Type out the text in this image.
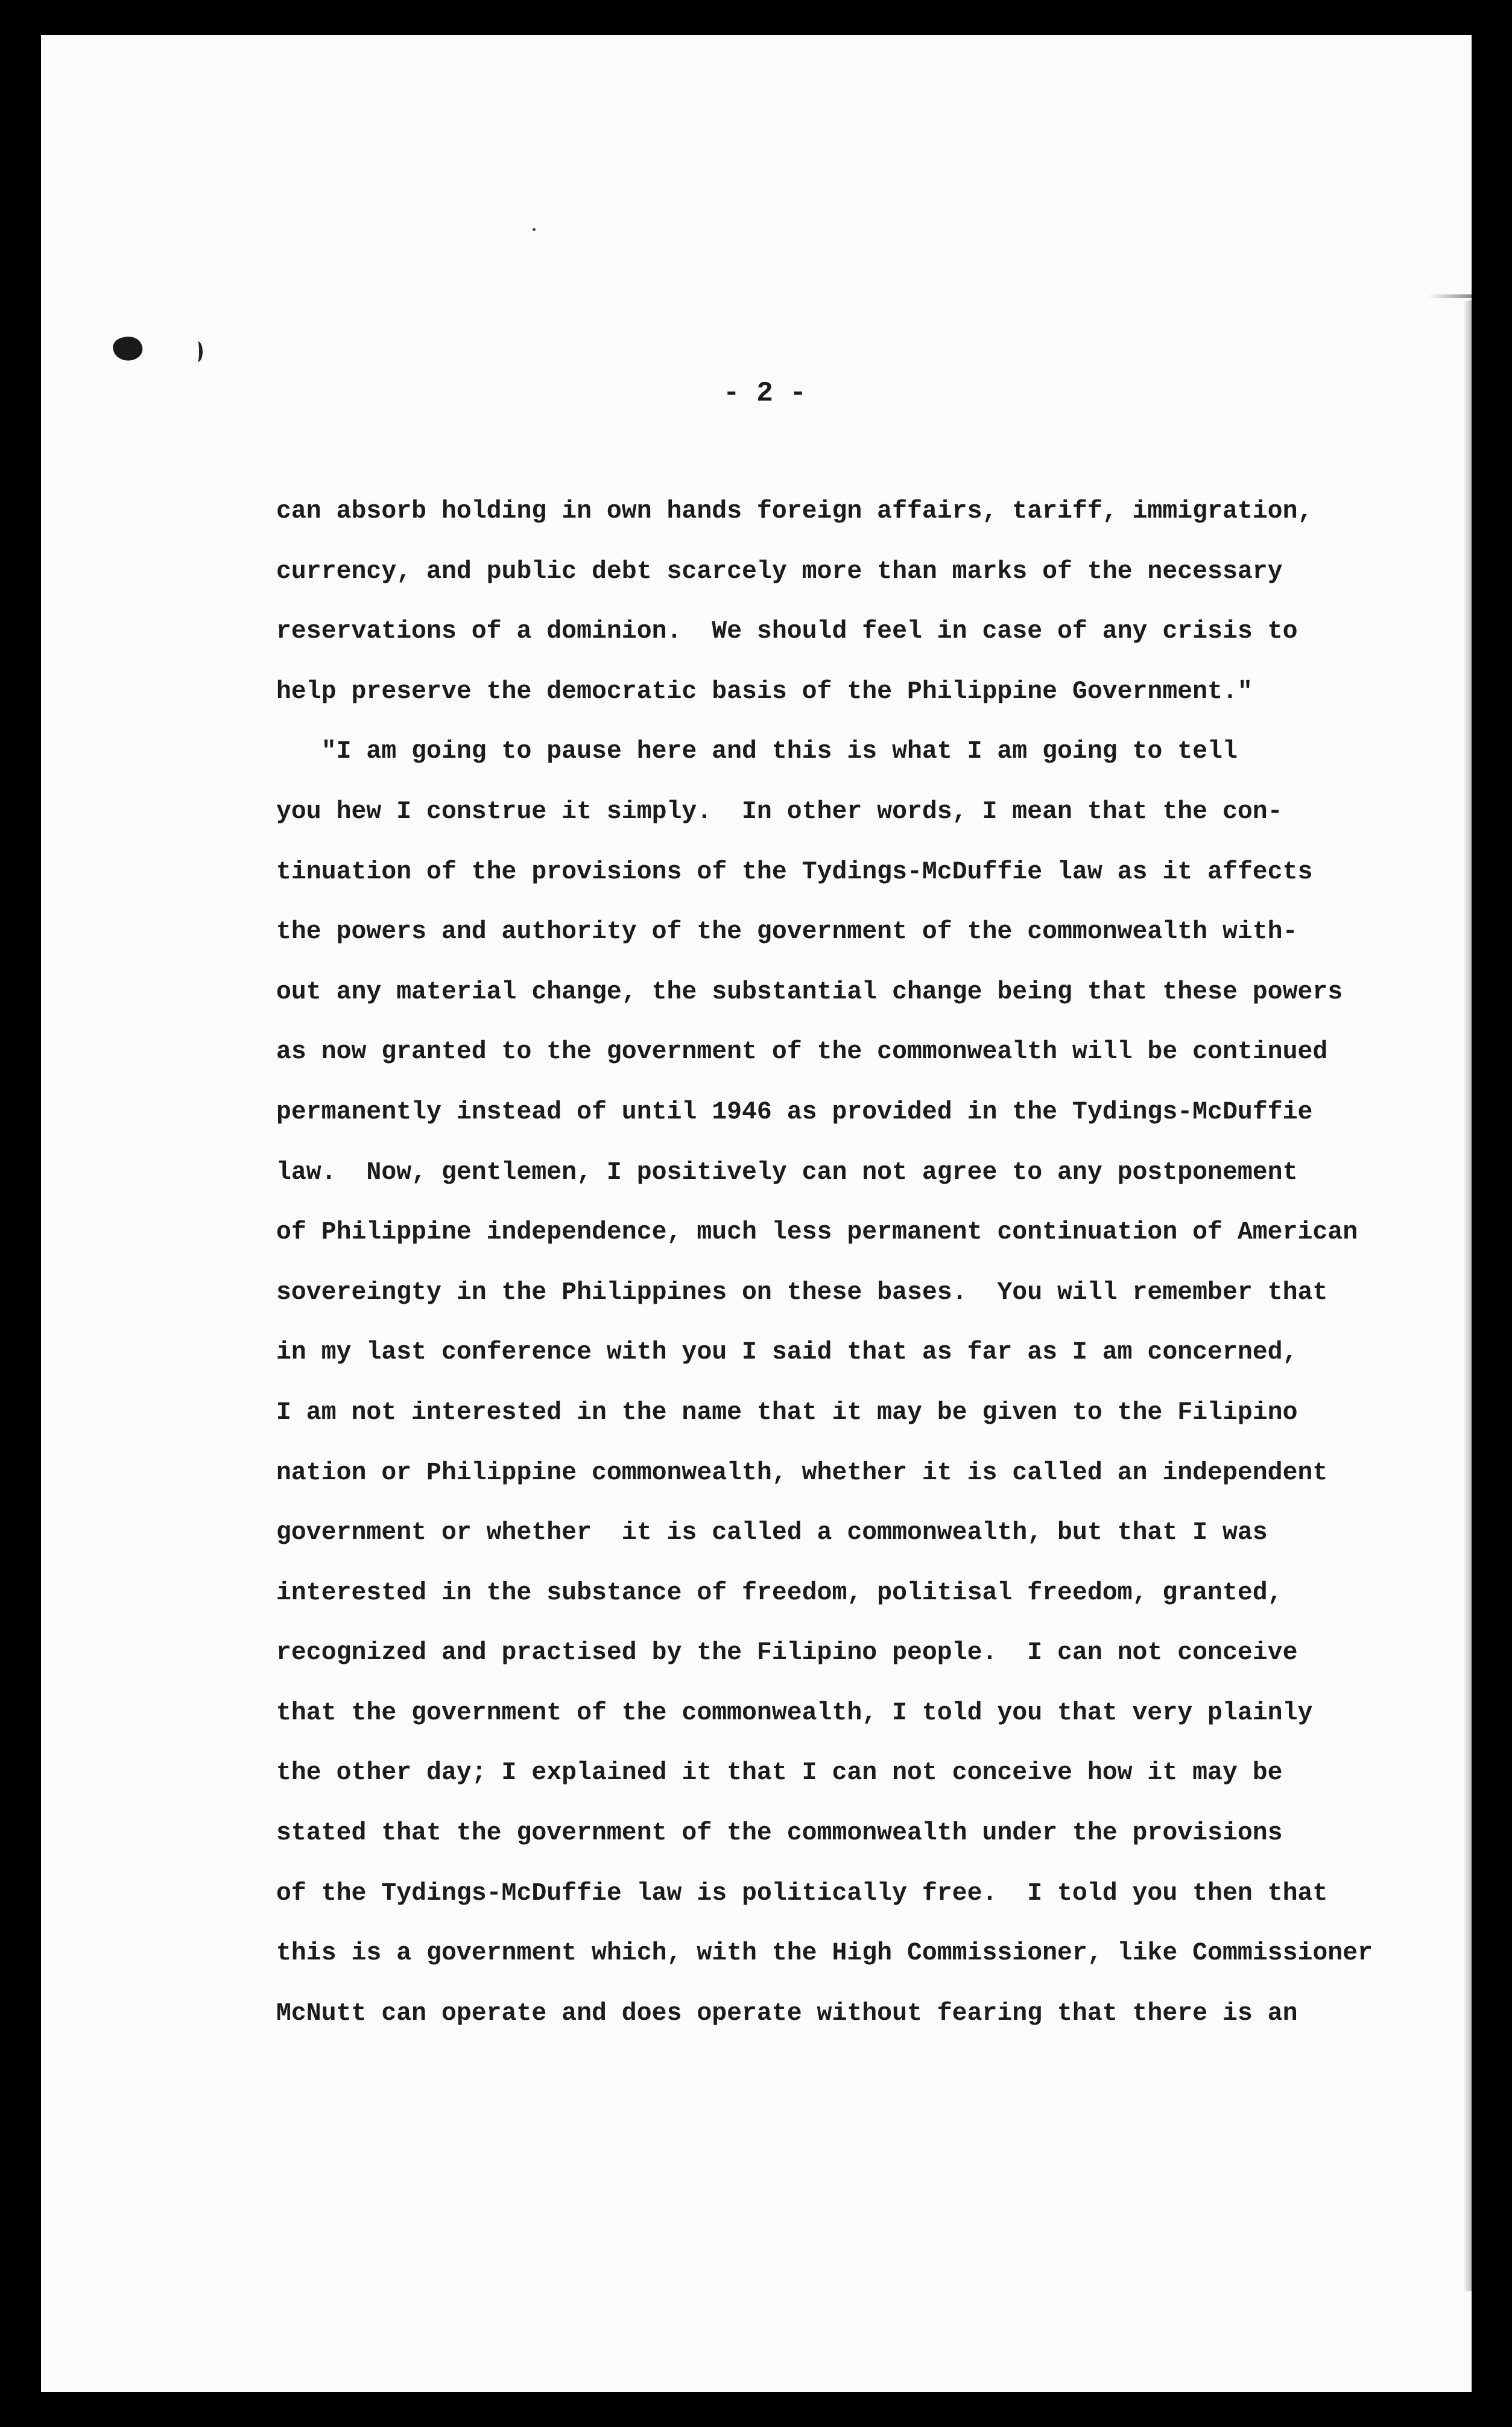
- 2 -

can absorb holding in own hands foreign affairs, tariff, immigration,
currency, and public debt scarcely more than marks of the necessary
reservations of a dominion.  We should feel in case of any crisis to
help preserve the democratic basis of the Philippine Government."
"I am going to pause here and this is what I am going to tell
you hew I construe it simply.  In other words, I mean that the con-
tinuation of the provisions of the Tydings-McDuffie law as it affects
the powers and authority of the government of the commonwealth with-
out any material change, the substantial change being that these powers
as now granted to the government of the commonwealth will be continued
permanently instead of until 1946 as provided in the Tydings-McDuffie
law.  Now, gentlemen, I positively can not agree to any postponement
of Philippine independence, much less permanent continuation of American
sovereingty in the Philippines on these bases.  You will remember that
in my last conference with you I said that as far as I am concerned,
I am not interested in the name that it may be given to the Filipino
nation or Philippine commonwealth, whether it is called an independent
government or whether  it is called a commonwealth, but that I was
interested in the substance of freedom, politisal freedom, granted,
recognized and practised by the Filipino people.  I can not conceive
that the government of the commonwealth, I told you that very plainly
the other day; I explained it that I can not conceive how it may be
stated that the government of the commonwealth under the provisions
of the Tydings-McDuffie law is politically free.  I told you then that
this is a government which, with the High Commissioner, like Commissioner
McNutt can operate and does operate without fearing that there is an
